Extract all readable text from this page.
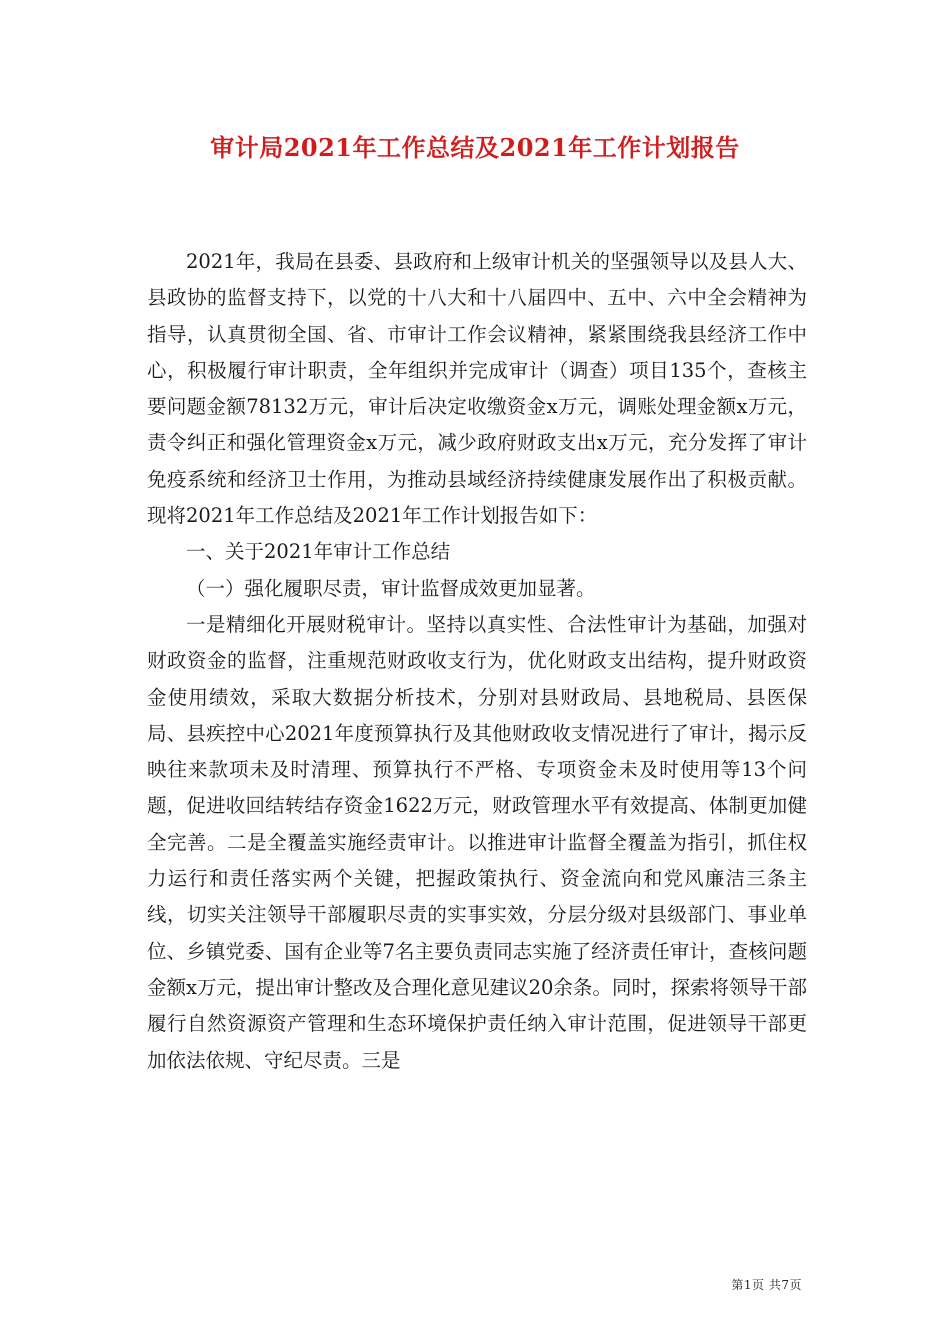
审计局2021年工作总结及2021年工作计划报告

2021年，我局在县委、县政府和上级审计机关的坚强领导以及县人大、县政协的监督支持下，以党的十八大和十八届四中、五中、六中全会精神为指导，认真贯彻全国、省、市审计工作会议精神，紧紧围绕我县经济工作中心，积极履行审计职责，全年组织并完成审计（调查）项目135个，查核主要问题金额78132万元，审计后决定收缴资金x万元，调账处理金额x万元，责令纠正和强化管理资金x万元，减少政府财政支出x万元，充分发挥了审计免疫系统和经济卫士作用，为推动县域经济持续健康发展作出了积极贡献。现将2021年工作总结及2021年工作计划报告如下：

一、关于2021年审计工作总结

（一）强化履职尽责，审计监督成效更加显著。

一是精细化开展财税审计。坚持以真实性、合法性审计为基础，加强对财政资金的监督，注重规范财政收支行为，优化财政支出结构，提升财政资金使用绩效，采取大数据分析技术，分别对县财政局、县地税局、县医保局、县疾控中心2021年度预算执行及其他财政收支情况进行了审计，揭示反映往来款项未及时清理、预算执行不严格、专项资金未及时使用等13个问题，促进收回结转结存资金1622万元，财政管理水平有效提高、体制更加健全完善。二是全覆盖实施经责审计。以推进审计监督全覆盖为指引，抓住权力运行和责任落实两个关键，把握政策执行、资金流向和党风廉洁三条主线，切实关注领导干部履职尽责的实事实效，分层分级对县级部门、事业单位、乡镇党委、国有企业等7名主要负责同志实施了经济责任审计，查核问题金额x万元，提出审计整改及合理化意见建议20余条。同时，探索将领导干部履行自然资源资产管理和生态环境保护责任纳入审计范围，促进领导干部更加依法依规、守纪尽责。三是

第1页 共7页
